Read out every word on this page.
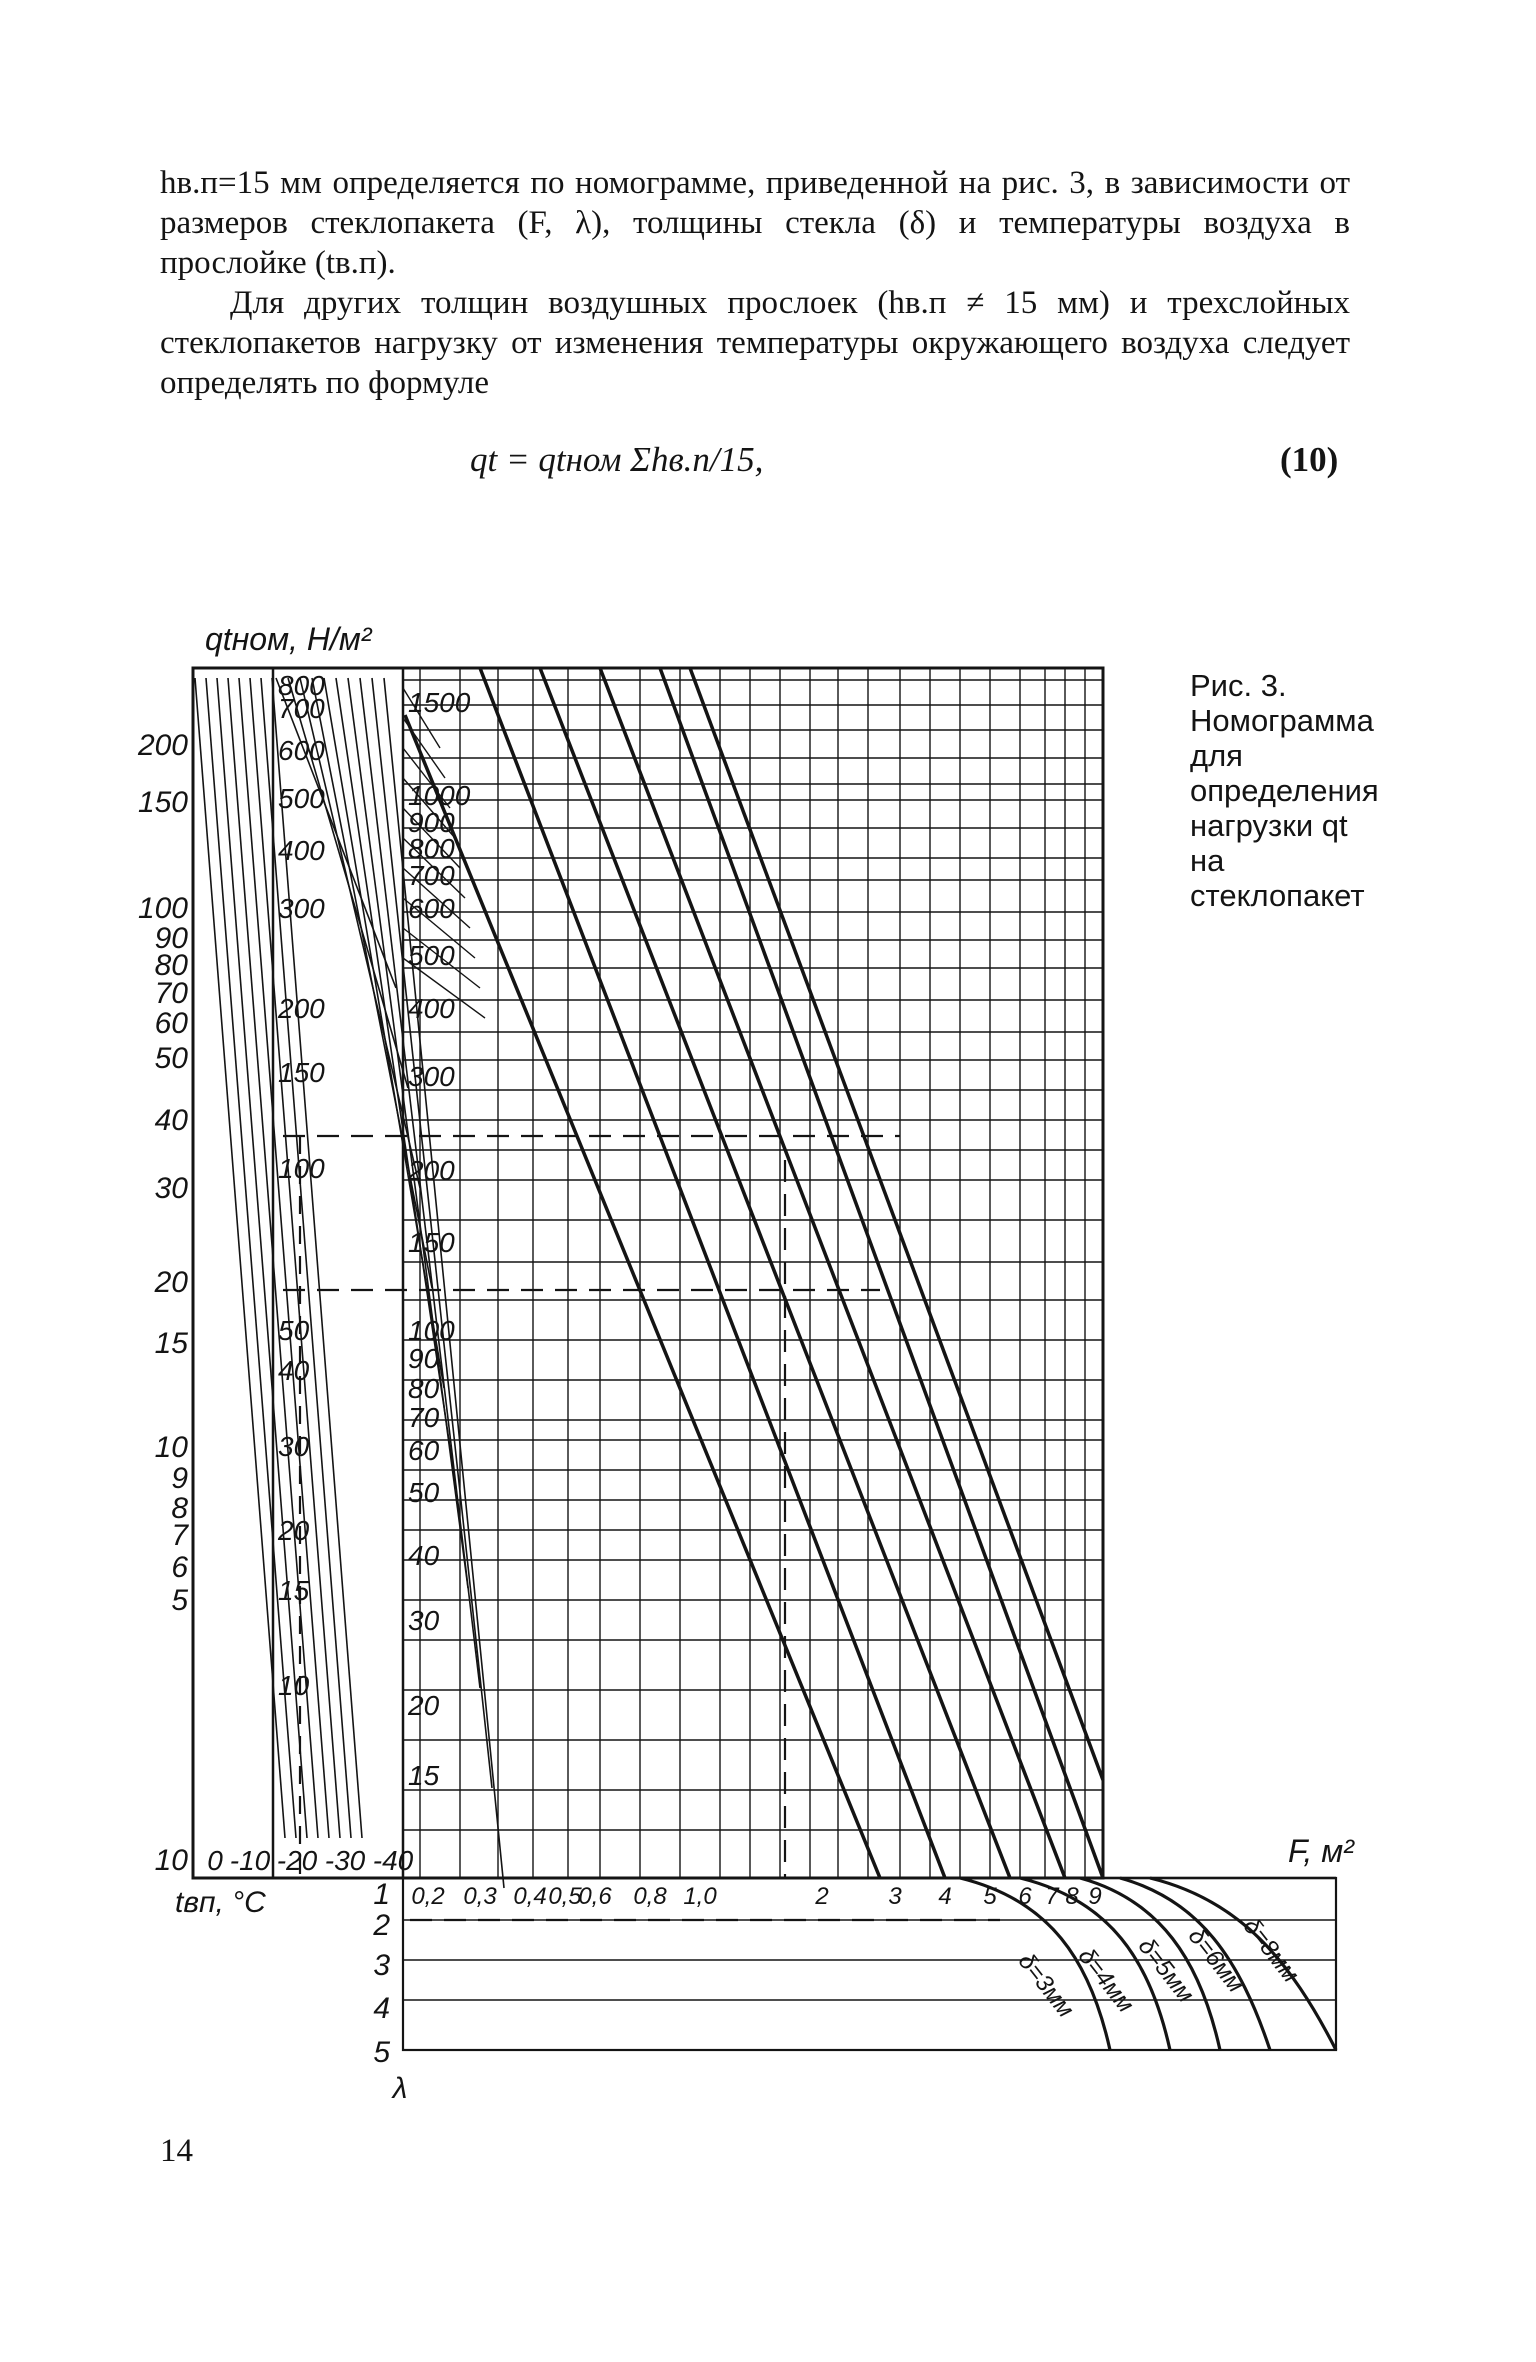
hв.п=15 мм определяется по номограмме, приведенной на рис. 3, в зависимости от размеров стеклопакета (F, λ), толщины стекла (δ) и температуры воздуха в прослойке (tв.п).

Для других толщин воздушных прослоек (hв.п ≠ 15 мм) и трехслойных стеклопакетов нагрузку от изменения температуры окружающего воздуха следует определять по формуле

qt = qtном Σhв.п/15,	(10)
qtном, Н/м²
200
150
100
90
80
70
60
50
40
30
20
15
10
9
8
7
6
5
10
800
700
600
500
400
300
200
150
100
50
40
30
20
15
10
1500
1000
900
800
700
600
500
400
300
200
150
100
90
80
70
60
50
40
30
20
15
0 -10 -20 -30 -40
tвп, °C	0,2 0,3 0,4 0,5
0,6 0,8 1,0	2 3 4 5 6 7 8 9
F, м²
1
2
3
4
5
λ
δ=3мм
δ=4мм
δ=5мм
δ=6мм
δ=8мм

Рис. 3. Номограмма для определения нагрузки qt на стеклопакет

14
